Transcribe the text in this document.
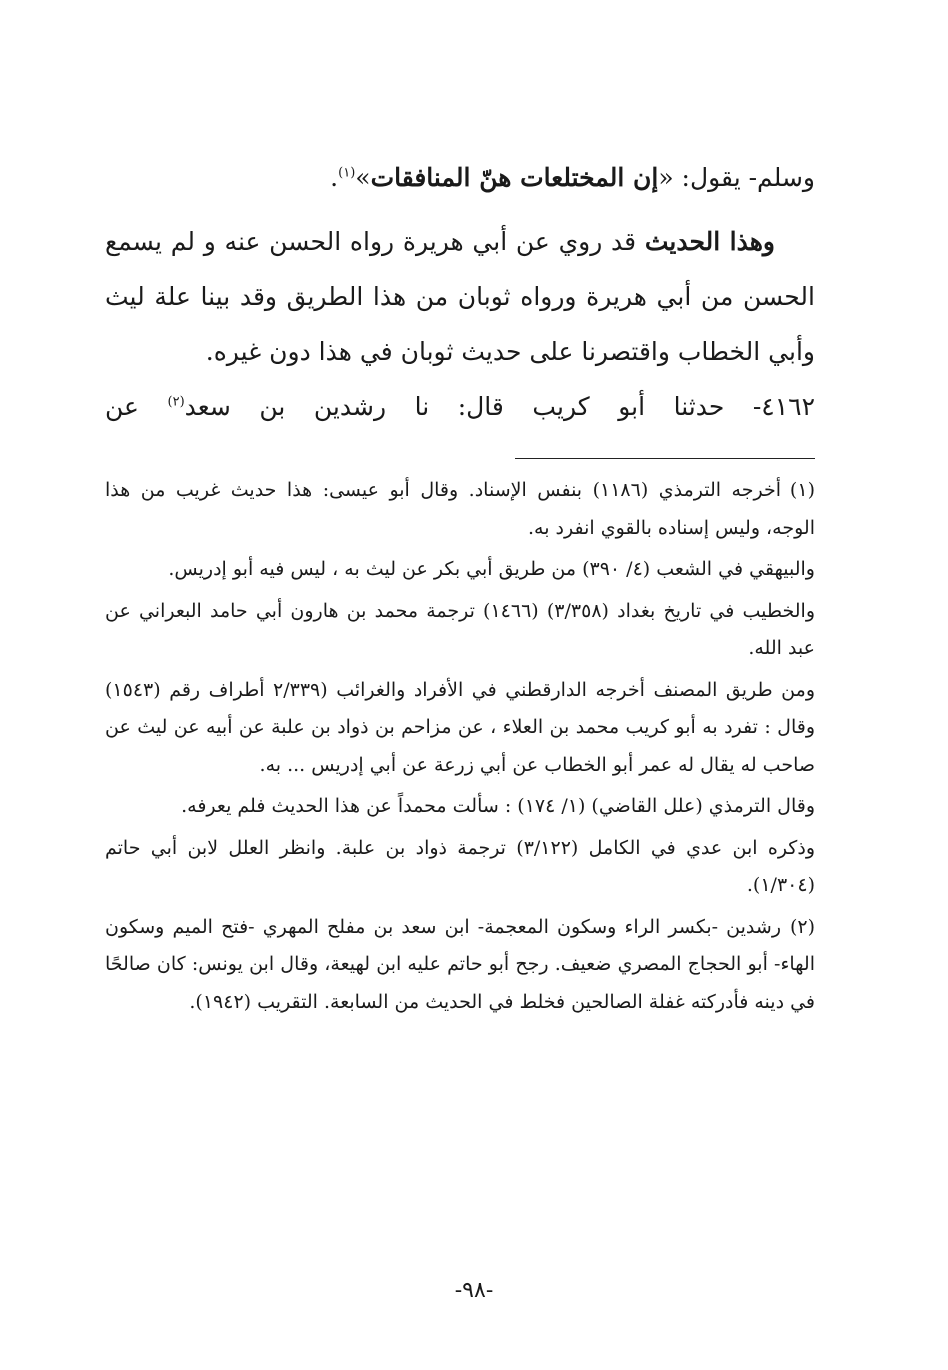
وسلم- يقول: «إن المختلعات هنّ المنافقات»$^{(١)}$.

وهذا الحديث قد روي عن أبي هريرة رواه الحسن عنه و لم يسمع الحسن من أبي هريرة ورواه ثوبان من هذا الطريق وقد بينا علة ليث وأبي الخطاب واقتصرنا على حديث ثوبان في هذا دون غيره.

٤١٦٢- حدثنا أبو كريب قال: نا رشدين بن سعد$^{(٢)}$ عن

(١)أخرجه الترمذي (١١٨٦) بنفس الإسناد. وقال أبو عيسى: هذا حديث غريب من هذا الوجه، وليس إسناده بالقوي انفرد به.

والبيهقي في الشعب (٤/ ٣٩٠) من طريق أبي بكر عن ليث به ، ليس فيه أبو إدريس.

والخطيب في تاريخ بغداد (٣/٣٥٨) (١٤٦٦) ترجمة محمد بن هارون أبي حامد البعراني عن عبد الله.

ومن طريق المصنف أخرجه الدارقطني في الأفراد والغرائب (٢/٣٣٩ أطراف رقم (١٥٤٣) وقال : تفرد به أبو كريب محمد بن العلاء ، عن مزاحم بن ذواد بن علبة عن أبيه عن ليث عن صاحب له يقال له عمر أبو الخطاب عن أبي زرعة عن أبي إدريس ... به.

وقال الترمذي (علل القاضي) (١/ ١٧٤) : سألت محمداً عن هذا الحديث فلم يعرفه.

وذكره ابن عدي في الكامل (٣/١٢٢) ترجمة ذواد بن علبة. وانظر العلل لابن أبي حاتم (١/٣٠٤).

(٢)رشدين -بكسر الراء وسكون المعجمة- ابن سعد بن مفلح المهري -فتح الميم وسكون الهاء- أبو الحجاج المصري ضعيف. رجح أبو حاتم عليه ابن لهيعة، وقال ابن يونس: كان صالحًا في دينه فأدركته غفلة الصالحين فخلط في الحديث من السابعة. التقريب (١٩٤٢).

-٩٨-
